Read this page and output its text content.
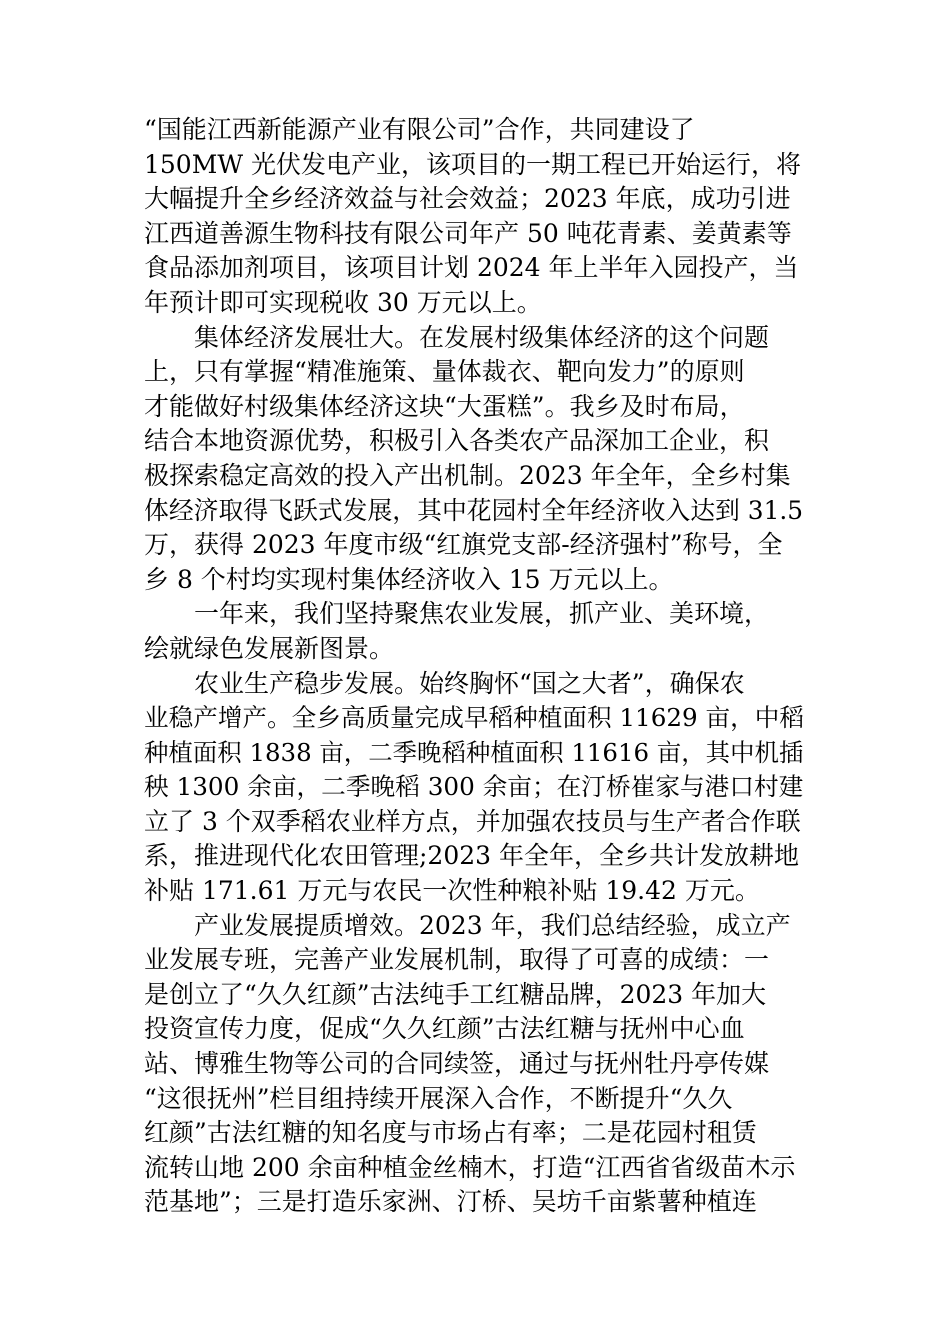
“国能江西新能源产业有限公司”合作，共同建设了
150MW 光伏发电产业，该项目的一期工程已开始运行，将
大幅提升全乡经济效益与社会效益；2023 年底，成功引进
江西道善源生物科技有限公司年产 50 吨花青素、姜黄素等
食品添加剂项目，该项目计划 2024 年上半年入园投产，当
年预计即可实现税收 30 万元以上。

集体经济发展壮大。在发展村级集体经济的这个问题
上，只有掌握“精准施策、量体裁衣、靶向发力”的原则
才能做好村级集体经济这块“大蛋糕”。我乡及时布局，
结合本地资源优势，积极引入各类农产品深加工企业，积
极探索稳定高效的投入产出机制。2023 年全年，全乡村集
体经济取得飞跃式发展，其中花园村全年经济收入达到 31.5
万，获得 2023 年度市级“红旗党支部-经济强村”称号，全
乡 8 个村均实现村集体经济收入 15 万元以上。

一年来，我们坚持聚焦农业发展，抓产业、美环境，
绘就绿色发展新图景。

农业生产稳步发展。始终胸怀“国之大者”，确保农
业稳产增产。全乡高质量完成早稻种植面积 11629 亩，中稻
种植面积 1838 亩，二季晚稻种植面积 11616 亩，其中机插
秧 1300 余亩，二季晚稻 300 余亩；在汀桥崔家与港口村建
立了 3 个双季稻农业样方点，并加强农技员与生产者合作联
系，推进现代化农田管理;2023 年全年，全乡共计发放耕地
补贴 171.61 万元与农民一次性种粮补贴 19.42 万元。

产业发展提质增效。2023 年，我们总结经验，成立产
业发展专班，完善产业发展机制，取得了可喜的成绩：一
是创立了“久久红颜”古法纯手工红糖品牌，2023 年加大
投资宣传力度，促成“久久红颜”古法红糖与抚州中心血
站、博雅生物等公司的合同续签，通过与抚州牡丹亭传媒
“这很抚州”栏目组持续开展深入合作，不断提升“久久
红颜”古法红糖的知名度与市场占有率；二是花园村租赁
流转山地 200 余亩种植金丝楠木，打造“江西省省级苗木示
范基地”；三是打造乐家洲、汀桥、吴坊千亩紫薯种植连
